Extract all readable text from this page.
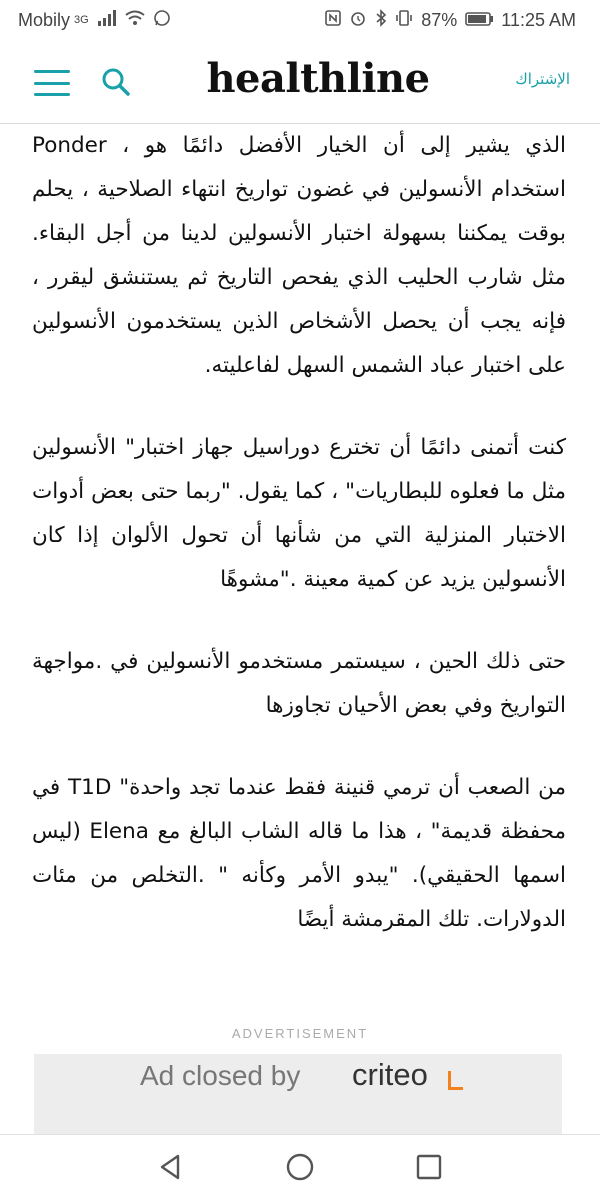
Mobily 3G	87% 11:25 AM
healthline	الإشتراك

الذي يشير إلى أن الخيار الأفضل دائمًا هو ، Ponder استخدام الأنسولين في غضون تواريخ انتهاء الصلاحية ، يحلم بوقت يمكننا بسهولة اختبار الأنسولين لدينا من أجل البقاء. مثل شارب الحليب الذي يفحص التاريخ ثم يستنشق ليقرر ، فإنه يجب أن يحصل الأشخاص الذين يستخدمون الأنسولين على اختبار عباد الشمس السهل لفاعليته.

كنت أتمنى دائمًا أن تخترع دوراسيل جهاز اختبار" الأنسولين مثل ما فعلوه للبطاريات" ، كما يقول. "ربما حتى بعض أدوات الاختبار المنزلية التي من شأنها أن تحول الألوان إذا كان الأنسولين يزيد عن كمية معينة ."مشوهًا

حتى ذلك الحين ، سيستمر مستخدمو الأنسولين في .مواجهة التواريخ وفي بعض الأحيان تجاوزها

من الصعب أن ترمي قنينة فقط عندما تجد واحدة" T1D في محفظة قديمة" ، هذا ما قاله الشاب البالغ مع Elena (ليس اسمها الحقيقي). "يبدو الأمر وكأنه " .التخلص من مئات الدولارات. تلك المقرمشة أيضًا

ADVERTISEMENT
Ad closed by criteo
